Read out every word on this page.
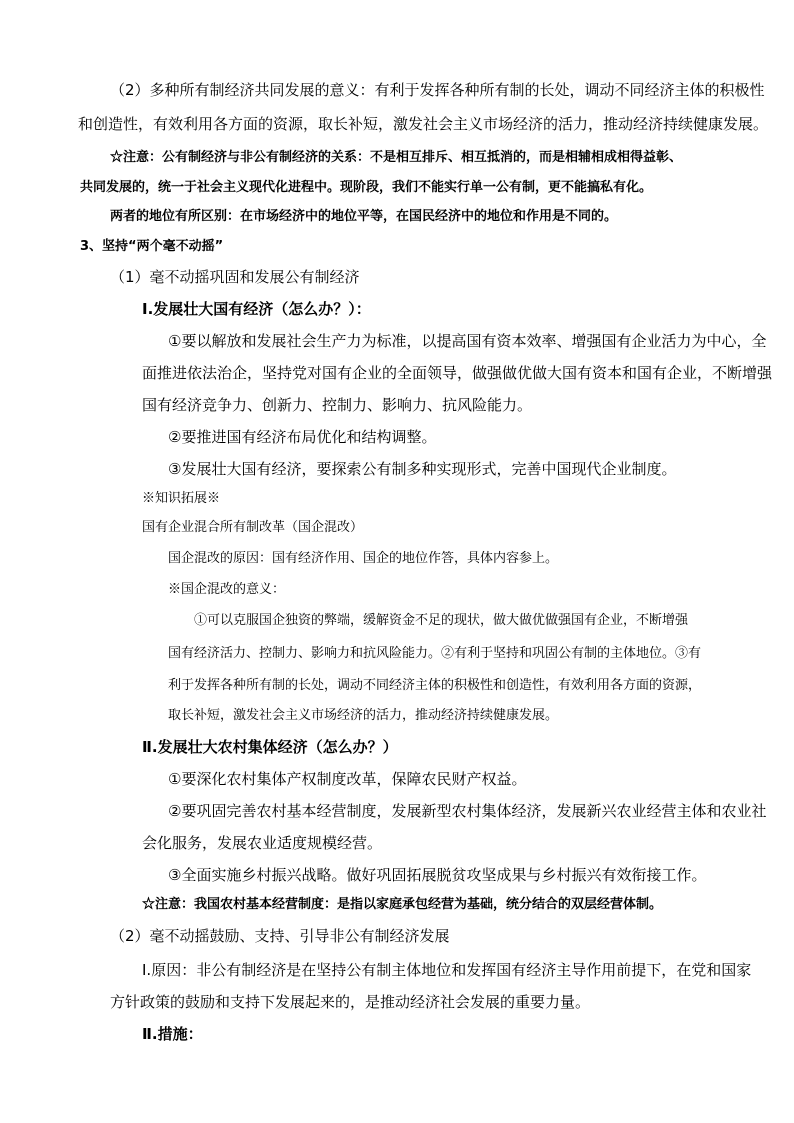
（2）多种所有制经济共同发展的意义：有利于发挥各种所有制的长处，调动不同经济主体的积极性
和创造性，有效利用各方面的资源，取长补短，激发社会主义市场经济的活力，推动经济持续健康发展。
☆注意：公有制经济与非公有制经济的关系：不是相互排斥、相互抵消的，而是相辅相成相得益彰、
共同发展的，统一于社会主义现代化进程中。现阶段，我们不能实行单一公有制，更不能搞私有化。
两者的地位有所区别：在市场经济中的地位平等，在国民经济中的地位和作用是不同的。
3、坚持“两个毫不动摇”
（1）毫不动摇巩固和发展公有制经济
Ⅰ.发展壮大国有经济（怎么办？）：
①要以解放和发展社会生产力为标准，以提高国有资本效率、增强国有企业活力为中心，全
面推进依法治企，坚持党对国有企业的全面领导，做强做优做大国有资本和国有企业，不断增强
国有经济竞争力、创新力、控制力、影响力、抗风险能力。
②要推进国有经济布局优化和结构调整。
③发展壮大国有经济，要探索公有制多种实现形式，完善中国现代企业制度。
※知识拓展※
国有企业混合所有制改革（国企混改）
国企混改的原因：国有经济作用、国企的地位作答，具体内容参上。
※国企混改的意义：
①可以克服国企独资的弊端，缓解资金不足的现状，做大做优做强国有企业，不断增强
国有经济活力、控制力、影响力和抗风险能力。②有利于坚持和巩固公有制的主体地位。③有
利于发挥各种所有制的长处，调动不同经济主体的积极性和创造性，有效利用各方面的资源，
取长补短，激发社会主义市场经济的活力，推动经济持续健康发展。
Ⅱ.发展壮大农村集体经济（怎么办？）
①要深化农村集体产权制度改革，保障农民财产权益。
②要巩固完善农村基本经营制度，发展新型农村集体经济，发展新兴农业经营主体和农业社
会化服务，发展农业适度规模经营。
③全面实施乡村振兴战略。做好巩固拓展脱贫攻坚成果与乡村振兴有效衔接工作。
☆注意：我国农村基本经营制度：是指以家庭承包经营为基础，统分结合的双层经营体制。
（2）毫不动摇鼓励、支持、引导非公有制经济发展
Ⅰ.原因：非公有制经济是在坚持公有制主体地位和发挥国有经济主导作用前提下，在党和国家
方针政策的鼓励和支持下发展起来的，是推动经济社会发展的重要力量。
Ⅱ.措施：
